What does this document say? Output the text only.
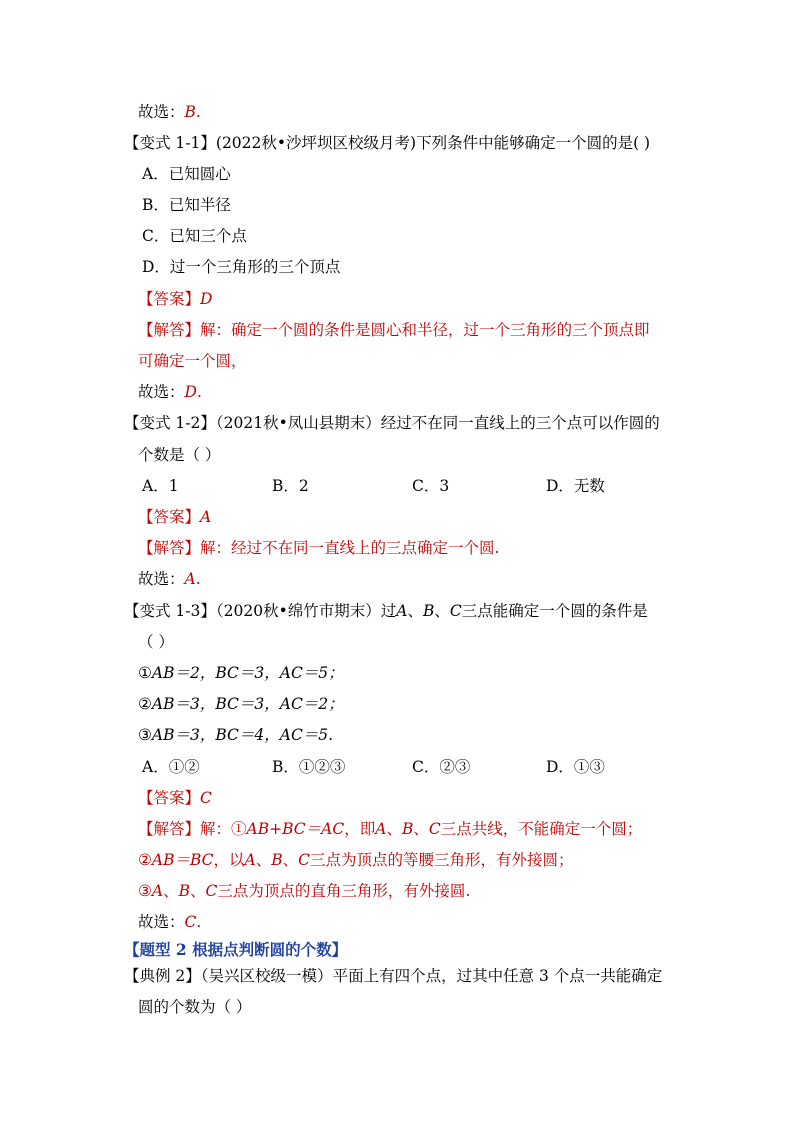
故选：B.
【变式 1-1】(2022秋•沙坪坝区校级月考)下列条件中能够确定一个圆的是( )
A．已知圆心
B．已知半径
C．已知三个点
D．过一个三角形的三个顶点
【答案】D
【解答】解：确定一个圆的条件是圆心和半径，过一个三角形的三个顶点即
可确定一个圆，
故选：D.
【变式 1-2】（2021秋•凤山县期末）经过不在同一直线上的三个点可以作圆的
个数是（ ）
A．1	B．2	C．3	D．无数
【答案】A
【解答】解：经过不在同一直线上的三点确定一个圆.
故选：A.
【变式 1-3】（2020秋•绵竹市期末）过A、B、C三点能确定一个圆的条件是
（ ）
①AB＝2，BC＝3，AC＝5；
②AB＝3，BC＝3，AC＝2；
③AB＝3，BC＝4，AC＝5.
A．①②	B．①②③	C．②③	D．①③
【答案】C
【解答】解：①AB+BC＝AC，即A、B、C三点共线，不能确定一个圆；
②AB＝BC，以A、B、C三点为顶点的等腰三角形，有外接圆；
③A、B、C三点为顶点的直角三角形，有外接圆.
故选：C.
【题型 2 根据点判断圆的个数】
【典例 2】（吴兴区校级一模）平面上有四个点，过其中任意 3 个点一共能确定
圆的个数为（ ）
